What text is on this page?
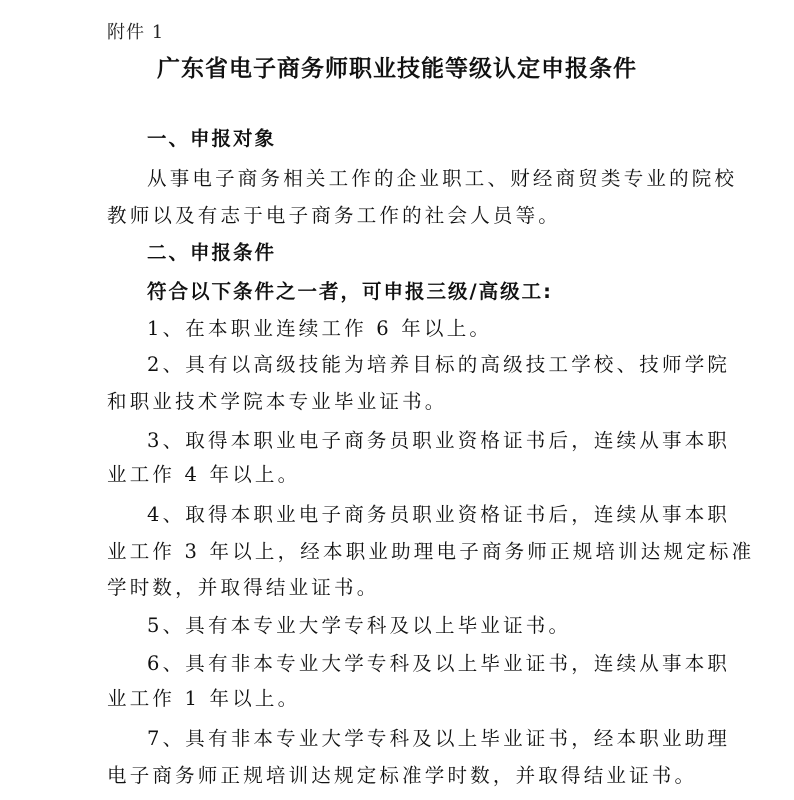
附件 1
广东省电子商务师职业技能等级认定申报条件
一、申报对象
从事电子商务相关工作的企业职工、财经商贸类专业的院校
教师以及有志于电子商务工作的社会人员等。
二、申报条件
符合以下条件之一者，可申报三级/高级工:
1、在本职业连续工作 6 年以上。
2、具有以高级技能为培养目标的高级技工学校、技师学院
和职业技术学院本专业毕业证书。
3、取得本职业电子商务员职业资格证书后，连续从事本职
业工作 4 年以上。
4、取得本职业电子商务员职业资格证书后，连续从事本职
业工作 3 年以上，经本职业助理电子商务师正规培训达规定标准
学时数，并取得结业证书。
5、具有本专业大学专科及以上毕业证书。
6、具有非本专业大学专科及以上毕业证书，连续从事本职
业工作 1 年以上。
7、具有非本专业大学专科及以上毕业证书，经本职业助理
电子商务师正规培训达规定标准学时数，并取得结业证书。
